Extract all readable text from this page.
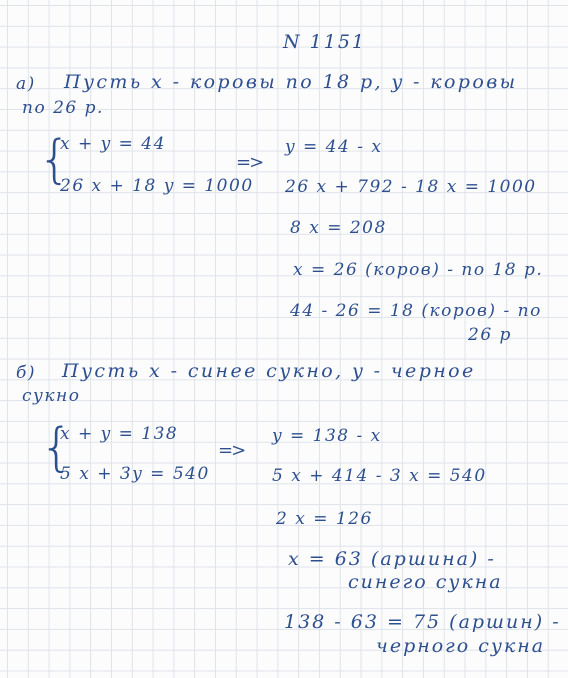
N 1151
а) Пусть x - коровы по 18 р, y - коровы
по 26 р.
{
x + y = 44
26 x + 18 y = 1000
=>
y = 44 - x
26 x + 792 - 18 x = 1000
8 x = 208
x = 26 (коров) - по 18 р.
44 - 26 = 18 (коров) - по
26 р
б) Пусть x - синее сукно, y - черное
сукно
{
x + y = 138
5 x + 3y = 540
=>
y = 138 - x
5 x + 414 - 3 x = 540
2 x = 126
x = 63 (аршина) -
синего сукна
138 - 63 = 75 (аршин) -
черного сукна
